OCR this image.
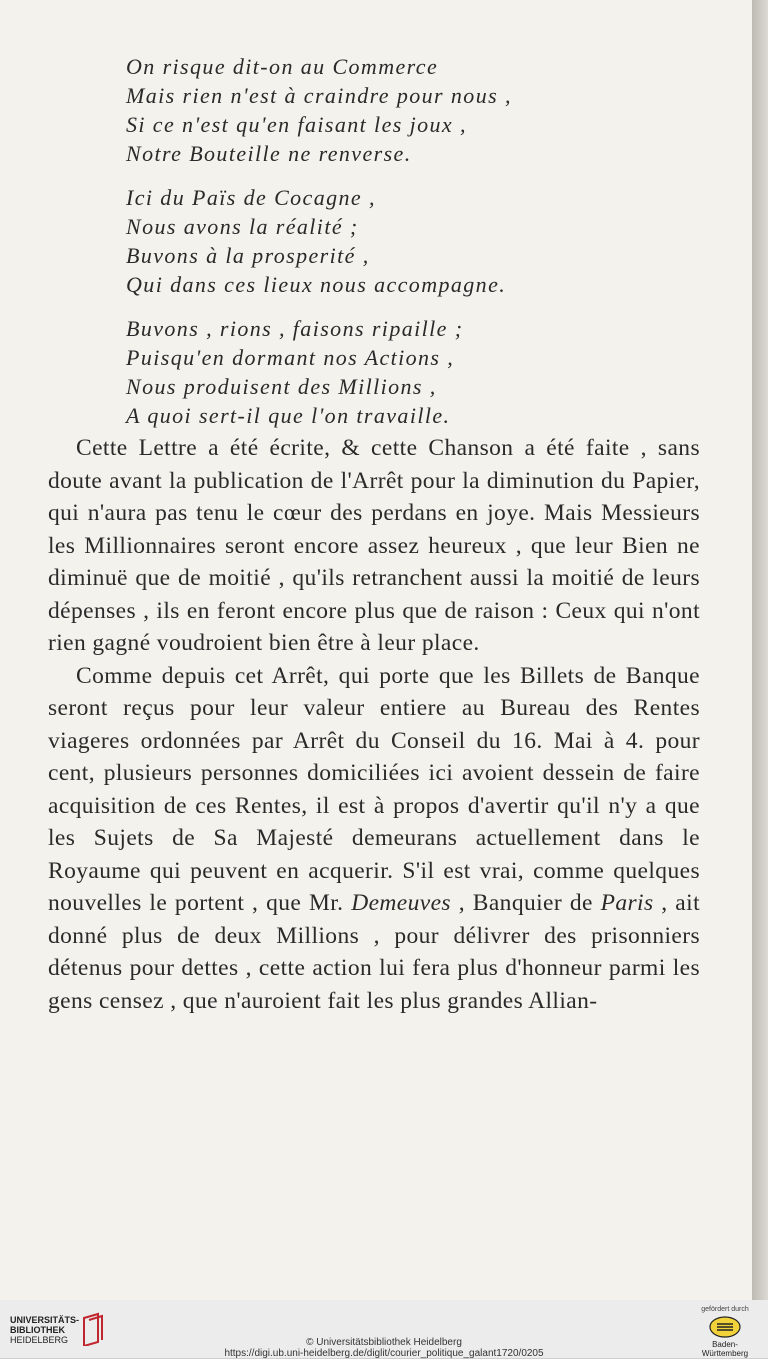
On risque dit-on au Commerce
Mais rien n'est à craindre pour nous ,
Si ce n'est qu'en faisant les joux ,
Notre Bouteille ne renverse.
Ici du Païs de Cocagne ,
Nous avons la réalité ;
Buvons à la prosperité ,
Qui dans ces lieux nous accompagne.
Buvons , rions , faisons ripaille ;
Puisqu'en dormant nos Actions ,
Nous produisent des Millions ,
A quoi sert-il que l'on travaille.

Cette Lettre a été écrite, & cette Chanson a été faite , sans doute avant la publication de l'Arrêt pour la diminution du Papier, qui n'aura pas tenu le cœur des perdans en joye. Mais Messieurs les Millionnaires seront encore assez heureux , que leur Bien ne diminuë que de moitié , qu'ils retranchent aussi la moitié de leurs dépenses , ils en feront encore plus que de raison : Ceux qui n'ont rien gagné voudroient bien être à leur place.

Comme depuis cet Arrêt, qui porte que les Billets de Banque seront reçus pour leur valeur entiere au Bureau des Rentes viageres ordonnées par Arrêt du Conseil du 16. Mai à 4. pour cent, plusieurs personnes domiciliées ici avoient dessein de faire acquisition de ces Rentes, il est à propos d'avertir qu'il n'y a que les Sujets de Sa Majesté demeurans actuellement dans le Royaume qui peuvent en acquerir. S'il est vrai, comme quelques nouvelles le portent , que Mr. Demeuves , Banquier de Paris , ait donné plus de deux Millions , pour délivrer des prisonniers détenus pour dettes , cette action lui fera plus d'honneur parmi les gens censez , que n'auroient fait les plus grandes Allian-

UNIVERSITÄTS-
BIBLIOTHEK
HEIDELBERG	© Universitätsbibliothek Heidelberg
https://digi.ub.uni-heidelberg.de/diglit/courier_politique_galant1720/0205
gefördert durch
Baden-Württemberg
